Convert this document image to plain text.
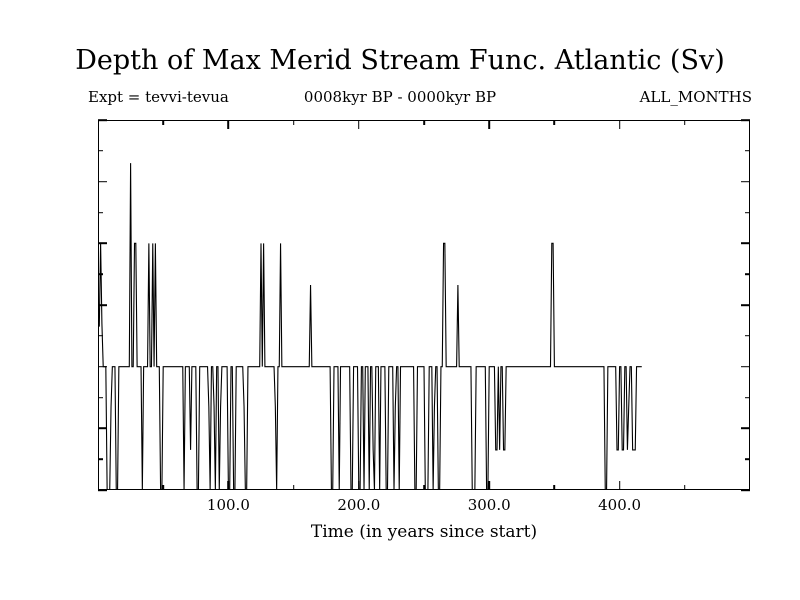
Depth of Max Merid Stream Func. Atlantic (Sv)
Expt = tevvi-tevua	0008kyr BP - 0000kyr BP	ALL_MONTHS
100.0	200.0	300.0	400.0
Time (in years since start)
